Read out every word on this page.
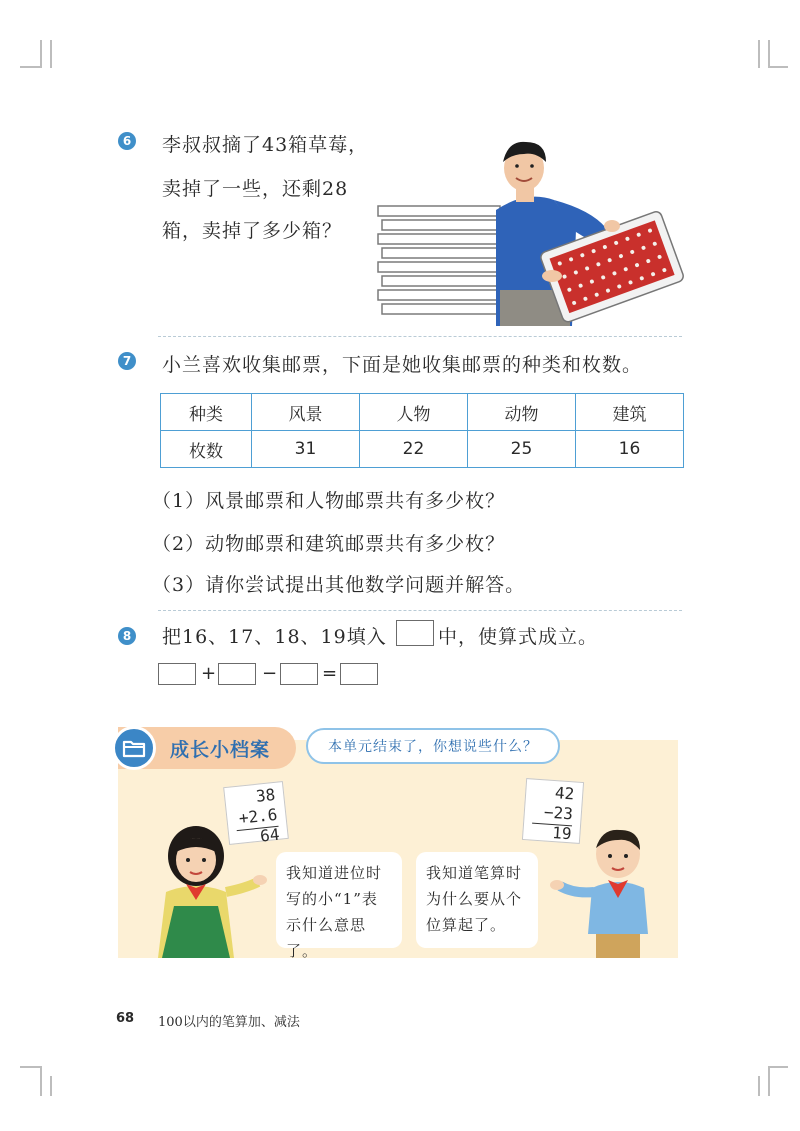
6 李叔叔摘了43箱草莓，
卖掉了一些，还剩28
箱，卖掉了多少箱？
7 小兰喜欢收集邮票，下面是她收集邮票的种类和枚数。
种类	风景	人物	动物	建筑
枚数	31	22	25	16
（1）风景邮票和人物邮票共有多少枚？
（2）动物邮票和建筑邮票共有多少枚？
（3）请你尝试提出其他数学问题并解答。
8 把16、17、18、19填入	中，使算式成立。
+	− =
成长小档案	本单元结束了，你想说些什么？
38
+2.6
64
42
−23
19
我知道进位时
写的小“1”表
示什么意思了。
我知道笔算时
为什么要从个
位算起了。
68 100以内的笔算加、减法
